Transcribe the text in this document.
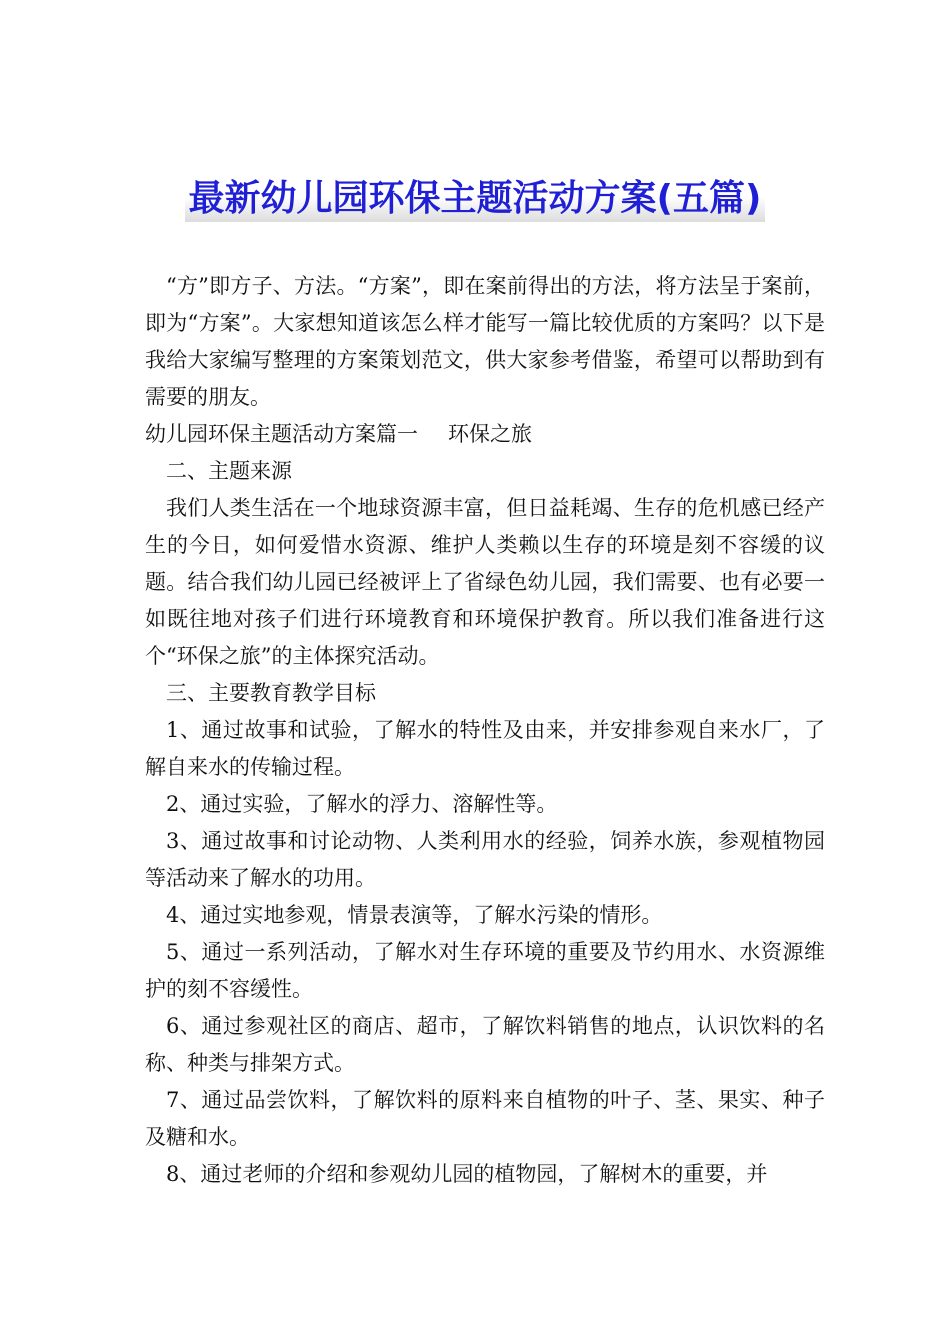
最新幼儿园环保主题活动方案(五篇)

“方”即方子、方法。“方案”，即在案前得出的方法，将方法呈于案前，即为“方案”。大家想知道该怎么样才能写一篇比较优质的方案吗？以下是我给大家编写整理的方案策划范文，供大家参考借鉴，希望可以帮助到有需要的朋友。

幼儿园环保主题活动方案篇一 环保之旅

二、主题来源

我们人类生活在一个地球资源丰富，但日益耗竭、生存的危机感已经产生的今日，如何爱惜水资源、维护人类赖以生存的环境是刻不容缓的议题。结合我们幼儿园已经被评上了省绿色幼儿园，我们需要、也有必要一如既往地对孩子们进行环境教育和环境保护教育。所以我们准备进行这个“环保之旅”的主体探究活动。

三、主要教育教学目标

1、通过故事和试验，了解水的特性及由来，并安排参观自来水厂，了解自来水的传输过程。

2、通过实验，了解水的浮力、溶解性等。

3、通过故事和讨论动物、人类利用水的经验，饲养水族，参观植物园等活动来了解水的功用。

4、通过实地参观，情景表演等，了解水污染的情形。

5、通过一系列活动，了解水对生存环境的重要及节约用水、水资源维护的刻不容缓性。

6、通过参观社区的商店、超市，了解饮料销售的地点，认识饮料的名称、种类与排架方式。

7、通过品尝饮料，了解饮料的原料来自植物的叶子、茎、果实、种子及糖和水。

8、通过老师的介绍和参观幼儿园的植物园，了解树木的重要，并
